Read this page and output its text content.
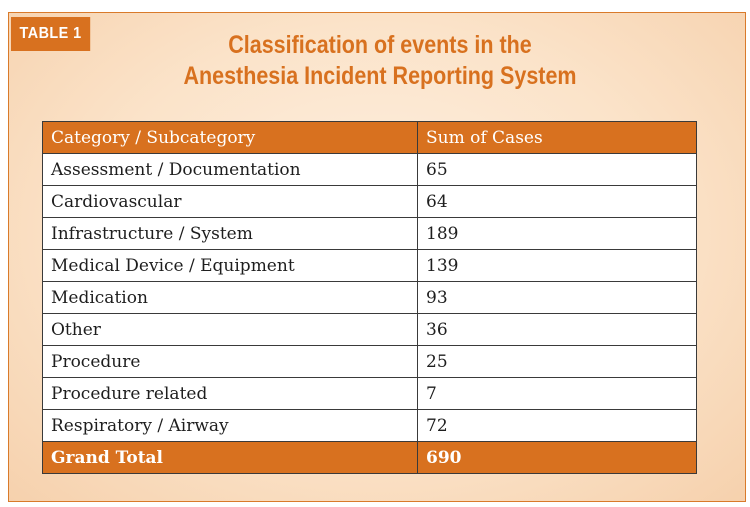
TABLE 1	Classification of events in the
Anesthesia Incident Reporting System
Category / Subcategory	Sum of Cases
Assessment / Documentation	65
Cardiovascular	64
Infrastructure / System	189
Medical Device / Equipment	139
Medication	93
Other	36
Procedure	25
Procedure related	7
Respiratory / Airway	72
Grand Total	690
